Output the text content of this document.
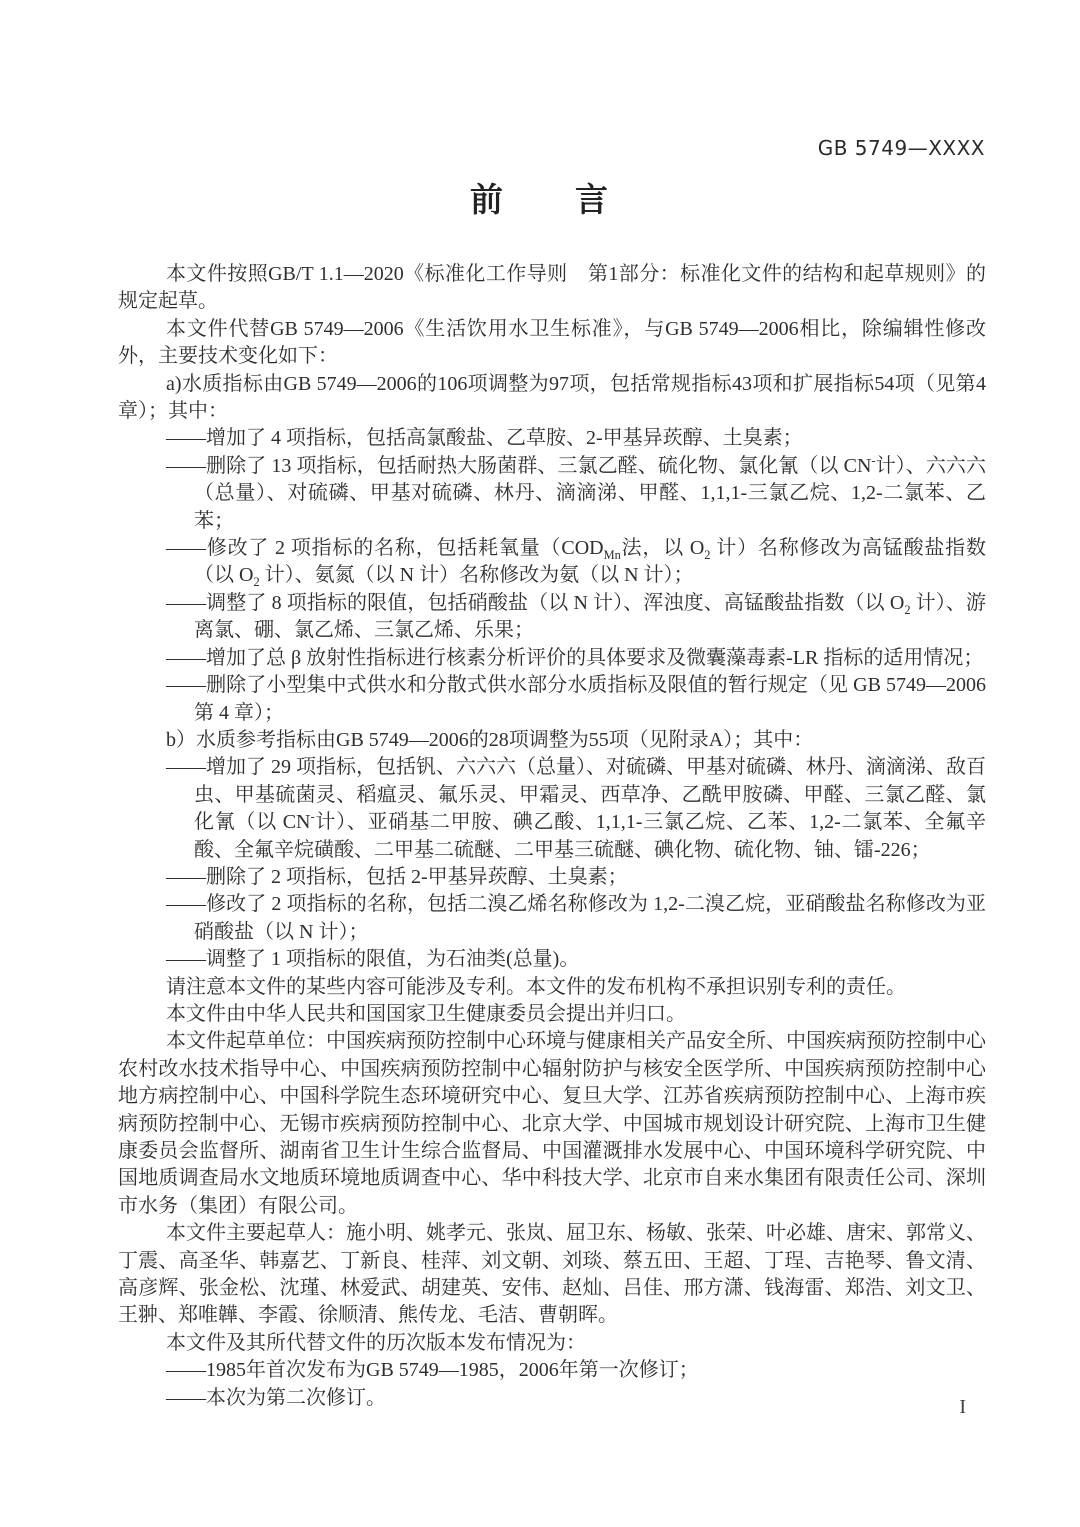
GB 5749—XXXX
前　　言

本文件按照GB/T 1.1—2020《标准化工作导则　第1部分：标准化文件的结构和起草规则》的规定起草。

本文件代替GB 5749—2006《生活饮用水卫生标准》，与GB 5749—2006相比，除编辑性修改外，主要技术变化如下：

a)水质指标由GB 5749—2006的106项调整为97项，包括常规指标43项和扩展指标54项（见第4章）；其中：

——增加了 4 项指标，包括高氯酸盐、乙草胺、2-甲基异莰醇、土臭素；

——删除了 13 项指标，包括耐热大肠菌群、三氯乙醛、硫化物、氯化氰（以 CN-计）、六六六（总量）、对硫磷、甲基对硫磷、林丹、滴滴涕、甲醛、1,1,1-三氯乙烷、1,2-二氯苯、乙苯；

——修改了 2 项指标的名称，包括耗氧量（$COD_{Mn}$法，以 $O_2$ 计）名称修改为高锰酸盐指数（以 $O_2$ 计）、氨氮（以 N 计）名称修改为氨（以 N 计）；

——调整了 8 项指标的限值，包括硝酸盐（以 N 计）、浑浊度、高锰酸盐指数（以 $O_2$ 计）、游离氯、硼、氯乙烯、三氯乙烯、乐果；

——增加了总 β 放射性指标进行核素分析评价的具体要求及微囊藻毒素-LR 指标的适用情况；

——删除了小型集中式供水和分散式供水部分水质指标及限值的暂行规定（见 GB 5749—2006 第 4 章）；

b）水质参考指标由GB 5749—2006的28项调整为55项（见附录A）；其中：

——增加了 29 项指标，包括钒、六六六（总量）、对硫磷、甲基对硫磷、林丹、滴滴涕、敌百虫、甲基硫菌灵、稻瘟灵、氟乐灵、甲霜灵、西草净、乙酰甲胺磷、甲醛、三氯乙醛、氯化氰（以 CN-计）、亚硝基二甲胺、碘乙酸、1,1,1-三氯乙烷、乙苯、1,2-二氯苯、全氟辛酸、全氟辛烷磺酸、二甲基二硫醚、二甲基三硫醚、碘化物、硫化物、铀、镭-226；

——删除了 2 项指标，包括 2-甲基异莰醇、土臭素；

——修改了 2 项指标的名称，包括二溴乙烯名称修改为 1,2-二溴乙烷，亚硝酸盐名称修改为亚硝酸盐（以 N 计）；

——调整了 1 项指标的限值，为石油类(总量)。

请注意本文件的某些内容可能涉及专利。本文件的发布机构不承担识别专利的责任。

本文件由中华人民共和国国家卫生健康委员会提出并归口。

本文件起草单位：中国疾病预防控制中心环境与健康相关产品安全所、中国疾病预防控制中心农村改水技术指导中心、中国疾病预防控制中心辐射防护与核安全医学所、中国疾病预防控制中心地方病控制中心、中国科学院生态环境研究中心、复旦大学、江苏省疾病预防控制中心、上海市疾病预防控制中心、无锡市疾病预防控制中心、北京大学、中国城市规划设计研究院、上海市卫生健康委员会监督所、湖南省卫生计生综合监督局、中国灌溉排水发展中心、中国环境科学研究院、中国地质调查局水文地质环境地质调查中心、华中科技大学、北京市自来水集团有限责任公司、深圳市水务（集团）有限公司。

本文件主要起草人：施小明、姚孝元、张岚、屈卫东、杨敏、张荣、叶必雄、唐宋、郭常义、丁震、高圣华、韩嘉艺、丁新良、桂萍、刘文朝、刘琰、蔡五田、王超、丁珵、吉艳琴、鲁文清、高彦辉、张金松、沈瑾、林爱武、胡建英、安伟、赵灿、吕佳、邢方潇、钱海雷、郑浩、刘文卫、王翀、郑唯韡、李霞、徐顺清、熊传龙、毛洁、曹朝晖。

本文件及其所代替文件的历次版本发布情况为：

——1985年首次发布为GB 5749—1985，2006年第一次修订；

——本次为第二次修订。	I
